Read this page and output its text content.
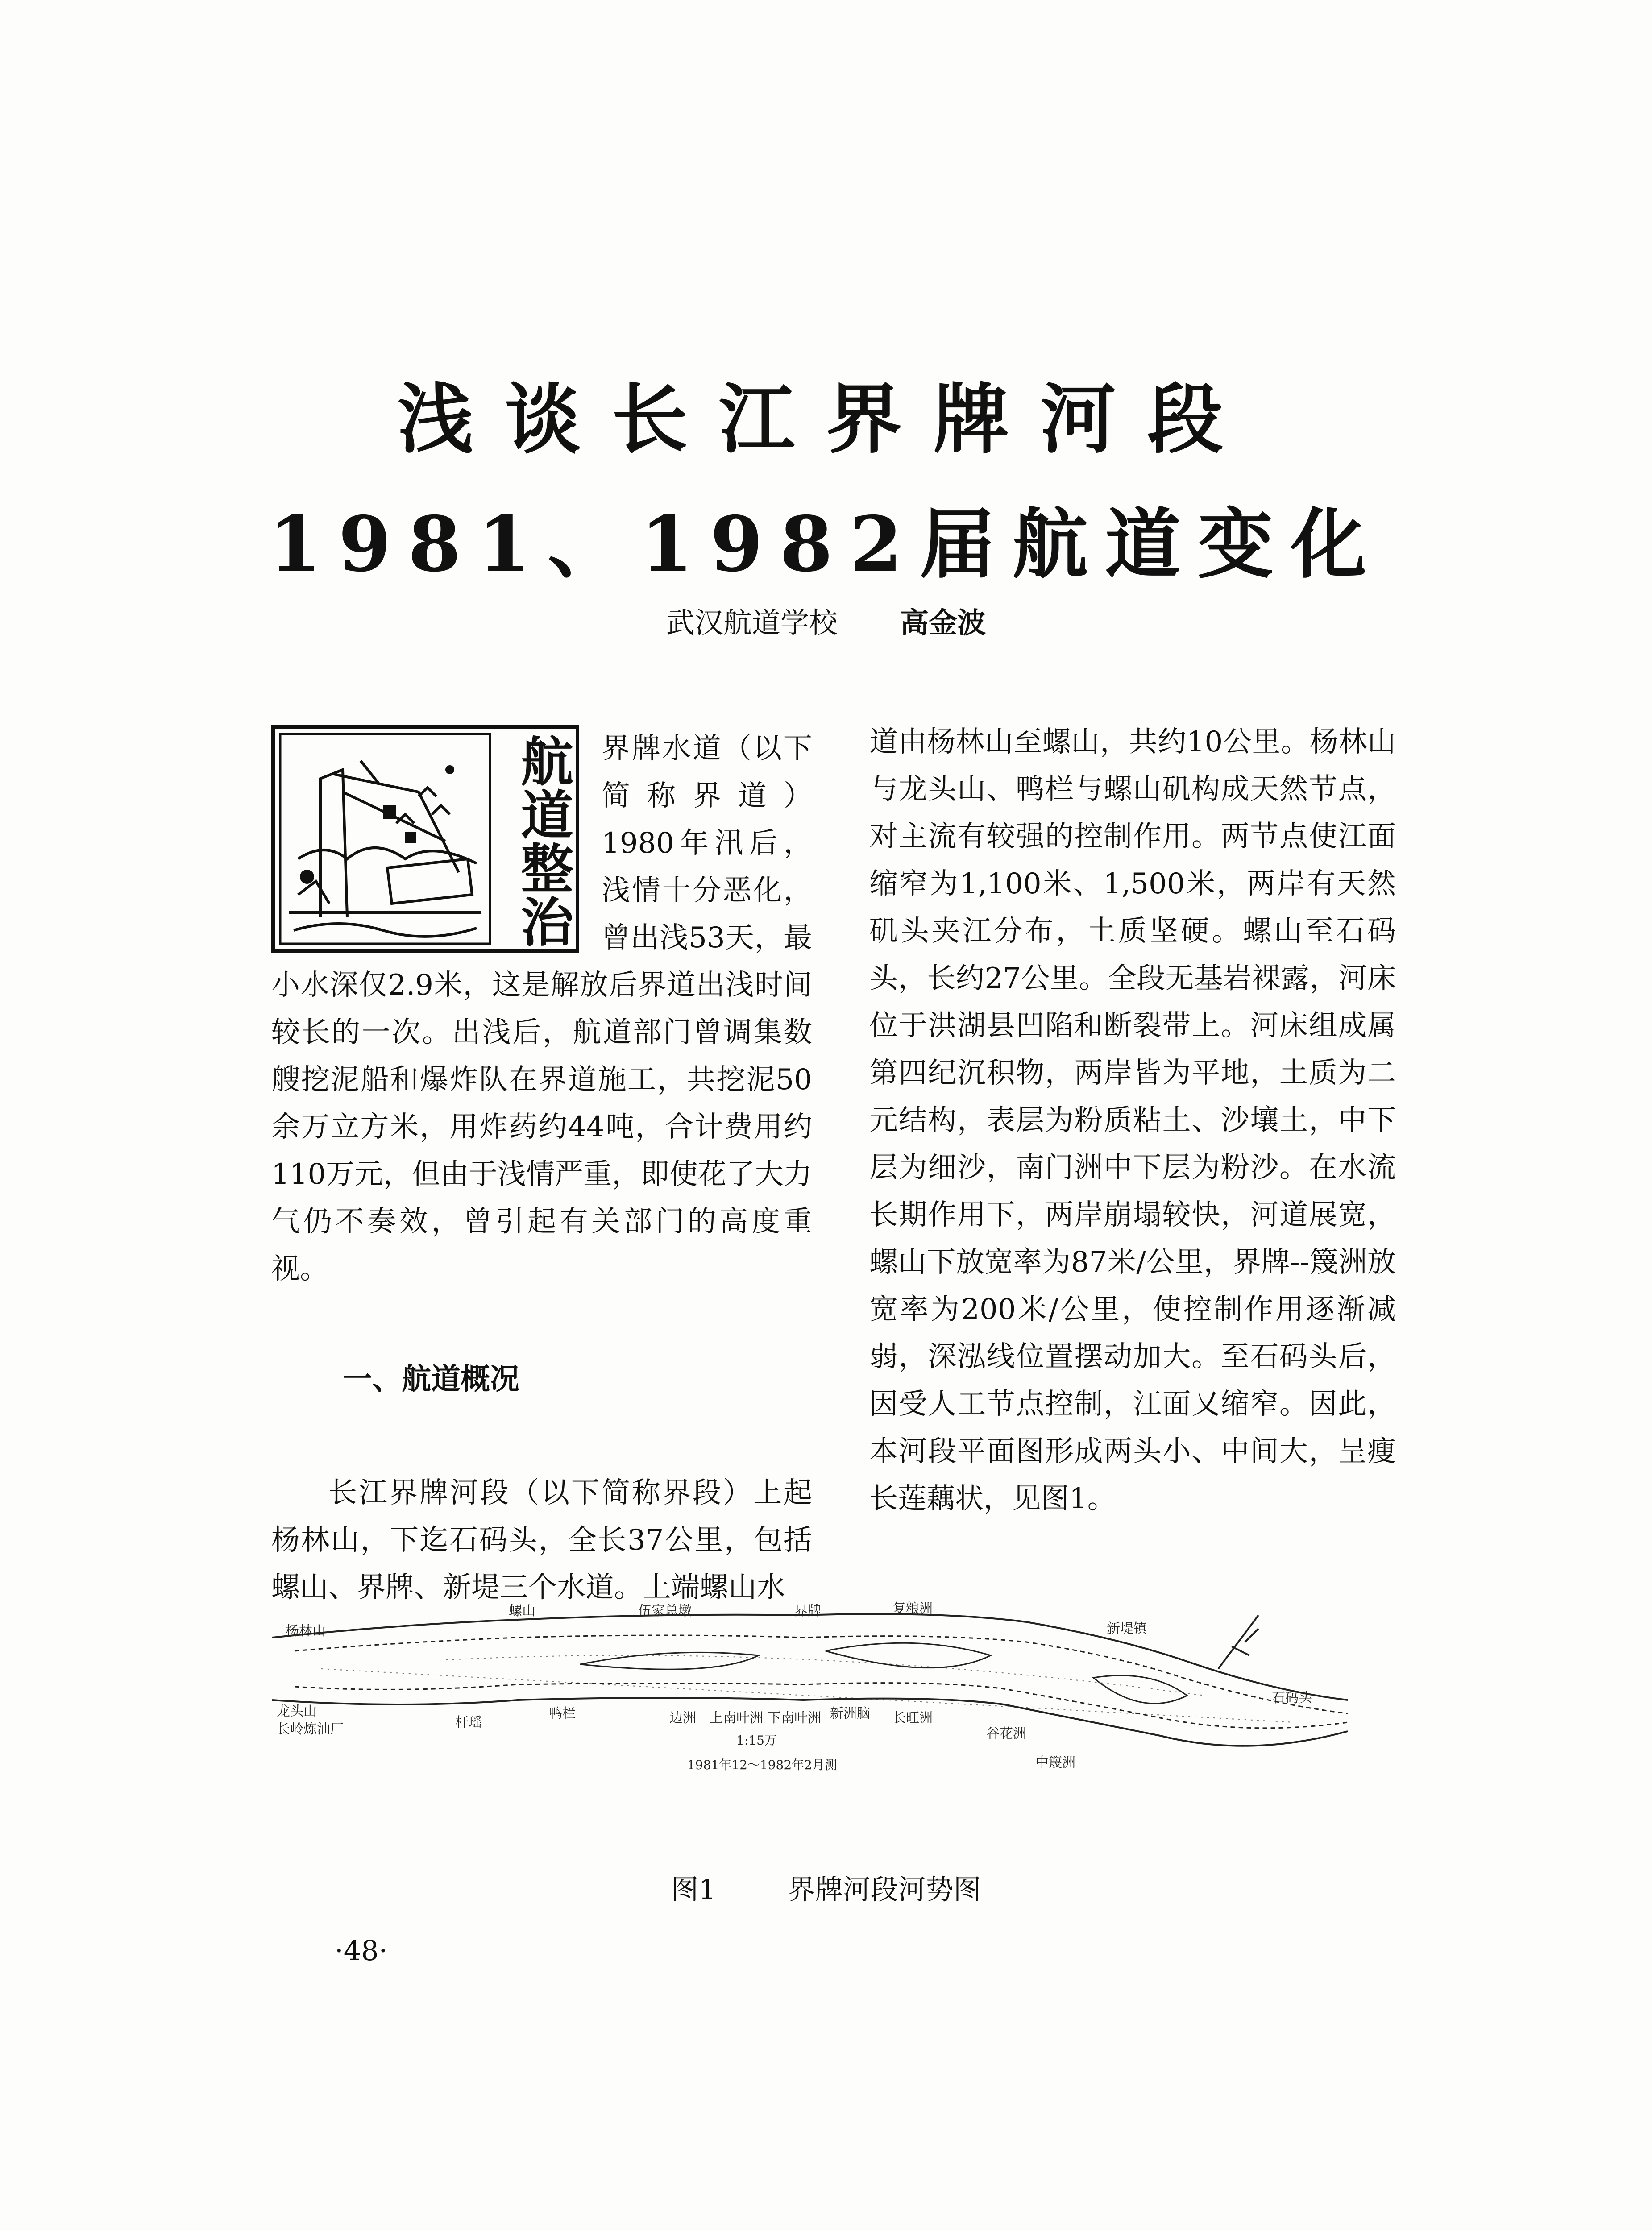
浅谈长江界牌河段
1981、1982届航道变化
武汉航道学校 高金波
航道整治 界牌水道（以下简称界道）1980年汛后，浅情十分恶化，曾出浅53天，最小水深仅2.9米，这是解放后界道出浅时间较长的一次。出浅后，航道部门曾调集数艘挖泥船和爆炸队在界道施工，共挖泥50余万立方米，用炸药约44吨，合计费用约110万元，但由于浅情严重，即使花了大力气仍不奏效，曾引起有关部门的高度重视。

一、航道概况

长江界牌河段（以下简称界段）上起杨林山，下迄石码头，全长37公里，包括螺山、界牌、新堤三个水道。上端螺山水

道由杨林山至螺山，共约10公里。杨林山与龙头山、鸭栏与螺山矶构成天然节点，对主流有较强的控制作用。两节点使江面缩窄为1,100米、1,500米，两岸有天然矶头夹江分布，土质坚硬。螺山至石码头，长约27公里。全段无基岩裸露，河床位于洪湖县凹陷和断裂带上。河床组成属第四纪沉积物，两岸皆为平地，土质为二元结构，表层为粉质粘土、沙壤土，中下层为细沙，南门洲中下层为粉沙。在水流长期作用下，两岸崩塌较快，河道展宽，螺山下放宽率为87米/公里，界牌--篾洲放宽率为200米/公里，使控制作用逐渐减弱，深泓线位置摆动加大。至石码头后，因受人工节点控制，江面又缩窄。因此，本河段平面图形成两头小、中间大，呈瘦长莲藕状，见图1。

杨林山
螺山	伍家总墩	界牌	复粮洲
新堤镇
龙头山
长岭炼油厂	杆瑶
鸭栏	边洲 上南叶洲 下南叶洲 新洲脑 长旺洲
谷花洲
中篾洲
石码头
1:15万
1981年12～1982年2月测
图1	界牌河段河势图
·48·
